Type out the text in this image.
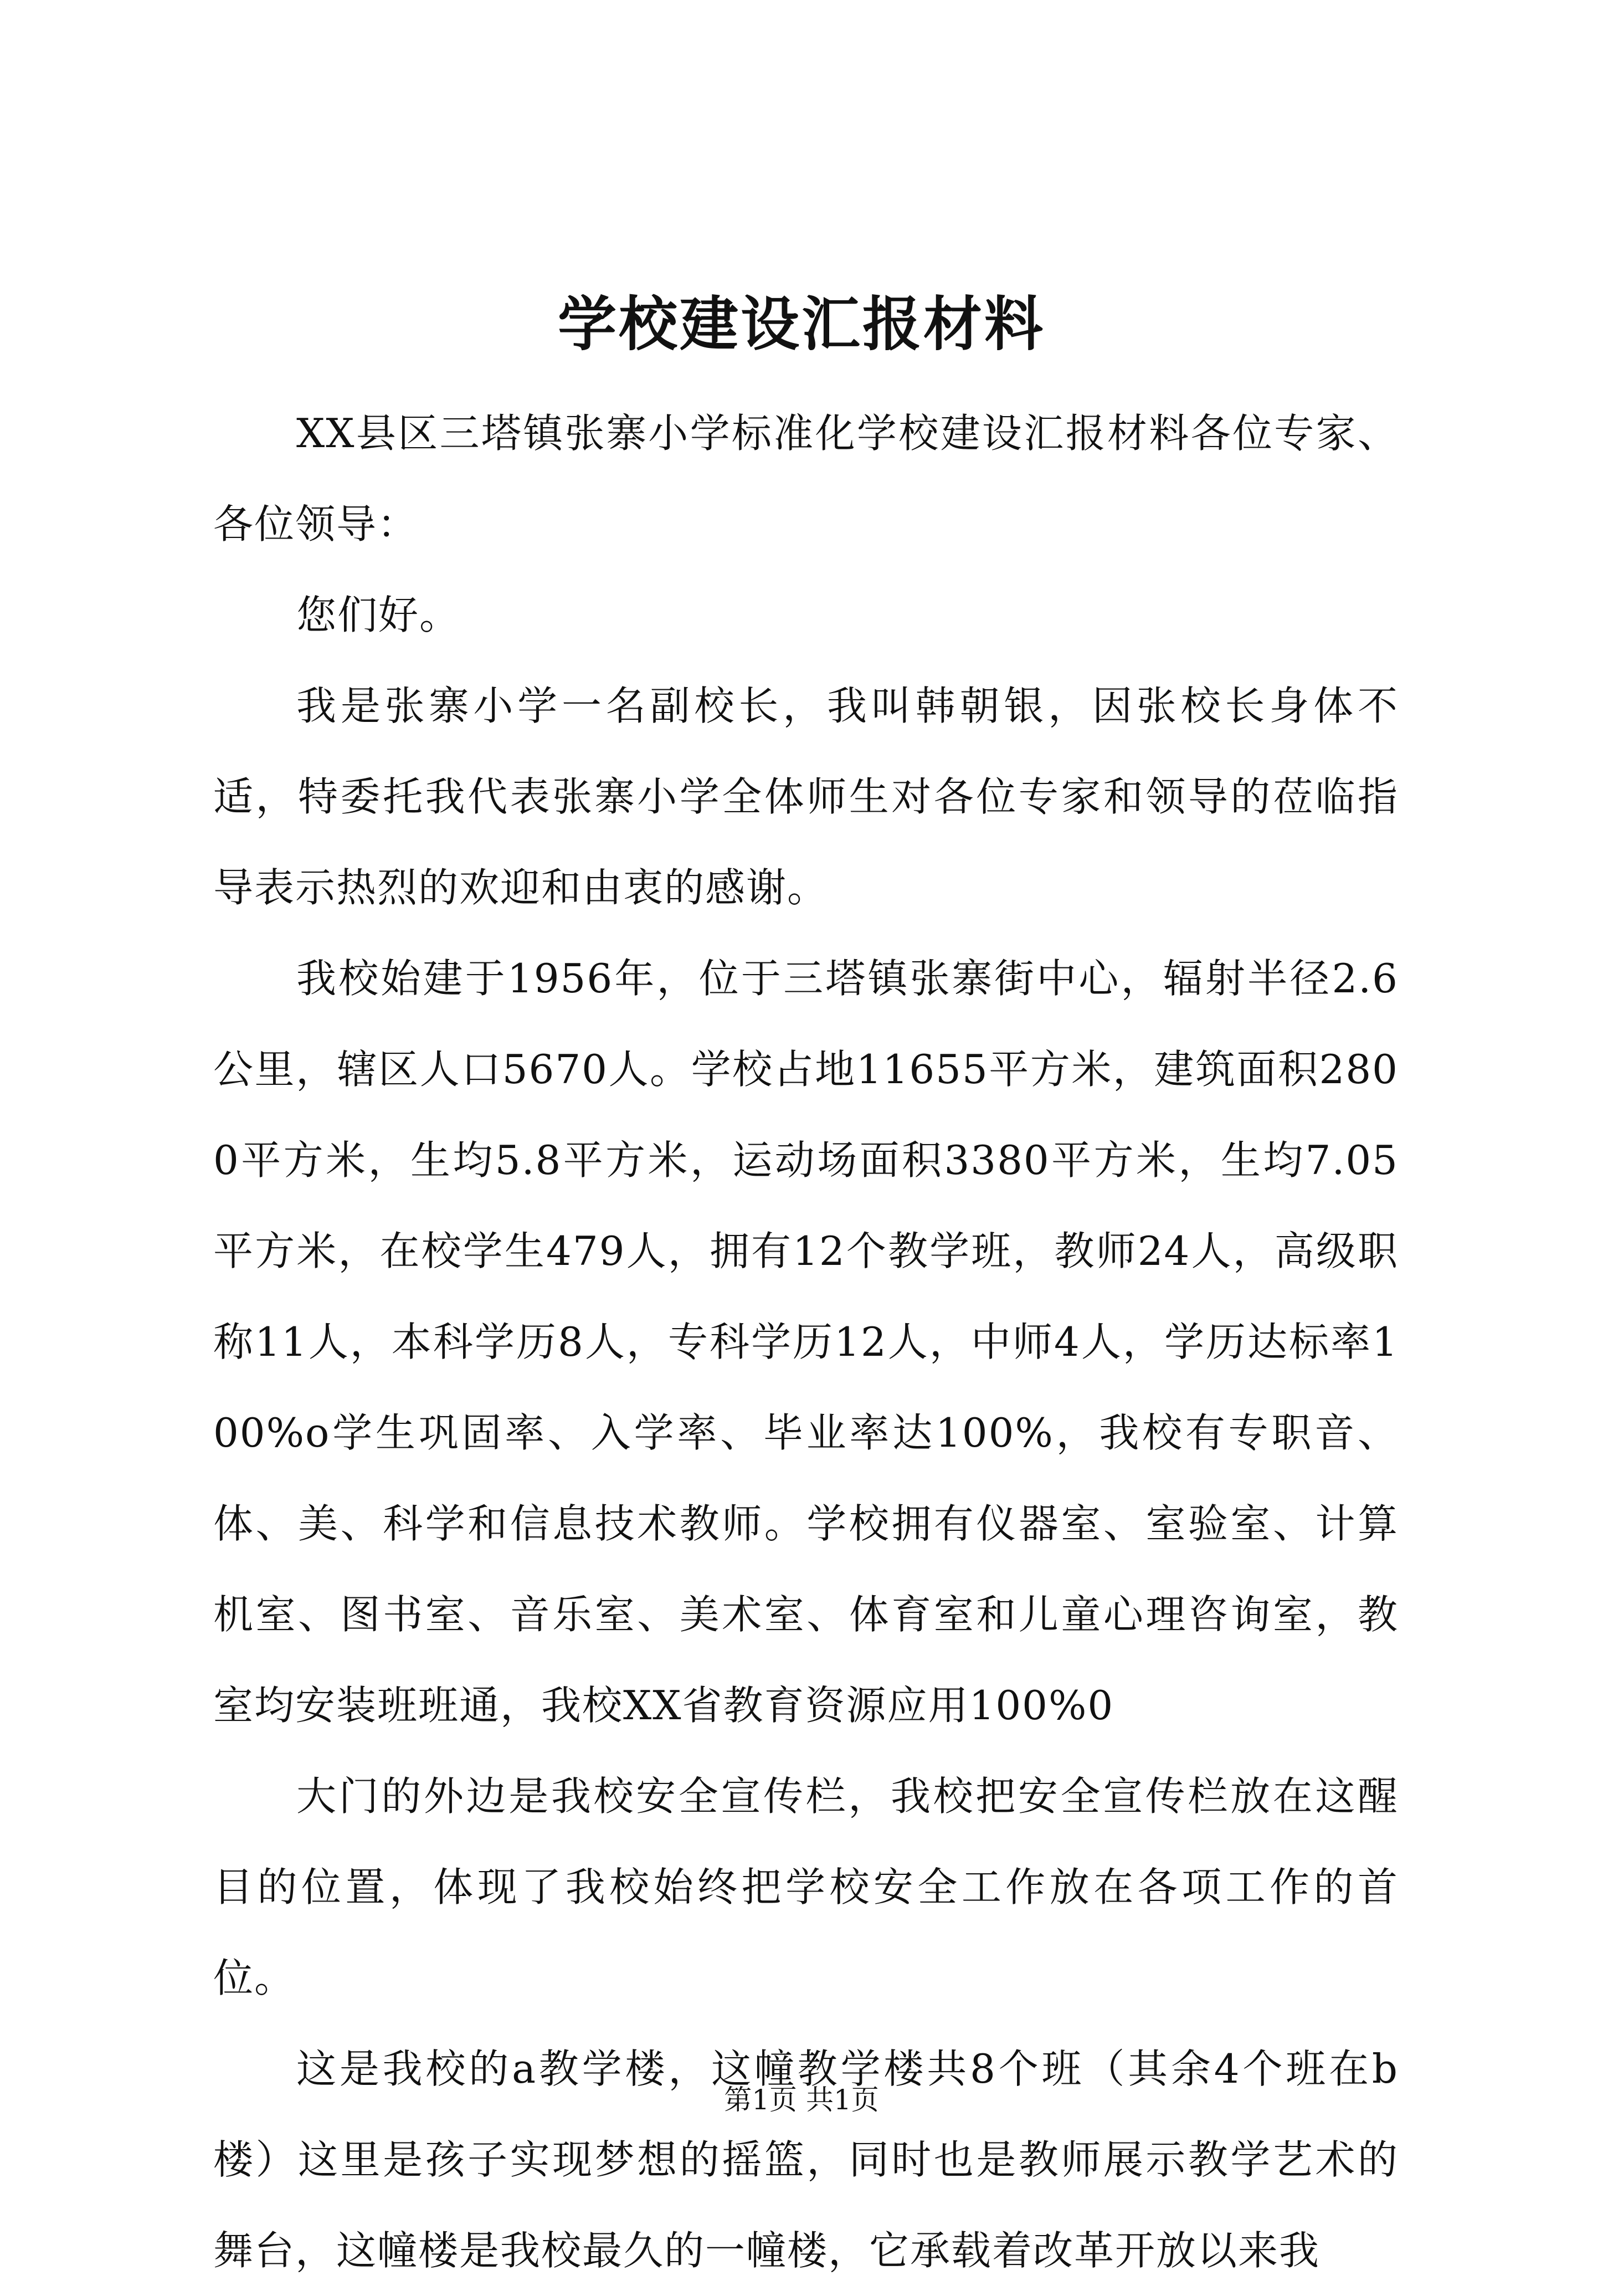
学校建设汇报材料

XX县区三塔镇张寨小学标准化学校建设汇报材料各位专家、各位领导：

您们好。

我是张寨小学一名副校长，我叫韩朝银，因张校长身体不适，特委托我代表张寨小学全体师生对各位专家和领导的莅临指导表示热烈的欢迎和由衷的感谢。

我校始建于1956年，位于三塔镇张寨街中心，辐射半径2.6公里，辖区人口5670人。学校占地11655平方米，建筑面积2800平方米，生均5.8平方米，运动场面积3380平方米，生均7.05平方米，在校学生479人，拥有12个教学班，教师24人，高级职称11人，本科学历8人，专科学历12人，中师4人，学历达标率100%o学生巩固率、入学率、毕业率达100%，我校有专职音、体、美、科学和信息技术教师。学校拥有仪器室、室验室、计算机室、图书室、音乐室、美术室、体育室和儿童心理咨询室，教室均安装班班通，我校XX省教育资源应用100%0

大门的外边是我校安全宣传栏，我校把安全宣传栏放在这醒目的位置，体现了我校始终把学校安全工作放在各项工作的首位。

这是我校的a教学楼，这幢教学楼共8个班（其余4个班在b楼）这里是孩子实现梦想的摇篮，同时也是教师展示教学艺术的舞台，这幢楼是我校最久的一幢楼，它承载着改革开放以来我

第1页 共1页
